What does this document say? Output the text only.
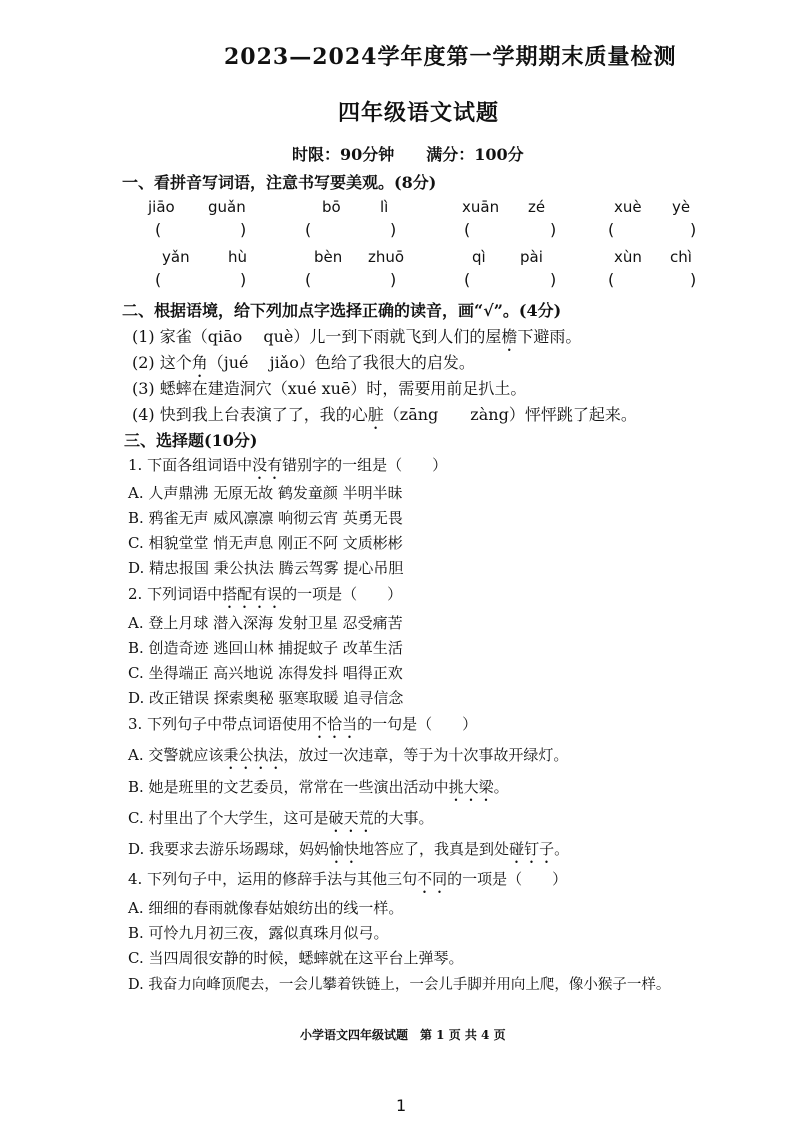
2023—2024学年度第一学期期末质量检测
四年级语文试题
时限：90分钟　　满分：100分
一、看拼音写词语，注意书写要美观。(8分)
jiāo guǎn	bō	lì	xuān zé	xuè yè
(	)	(	)	(	)	(	)
yǎn	hù	bèn zhuō	qì pài	xùn chì
(	)	(	)	(	)	(	)
二、根据语境，给下列加点字选择正确的读音，画“√”。(4分)
(1) 家雀（qiāo　 què）儿一到下雨就飞到人们的屋檐下避雨。
(2) 这个角（jué　 jiǎo）色给了我很大的启发。
(3) 蟋蟀在建造洞穴（xué xuē）时，需要用前足扒土。
(4) 快到我上台表演了了，我的心脏（zāng　　zàng）怦怦跳了起来。
三、选择题(10分)
1. 下面各组词语中没有错别字的一组是（　　）
A. 人声鼎沸 无原无故 鹤发童颜 半明半昧
B. 鸦雀无声 威风凛凛 响彻云宵 英勇无畏
C. 相貌堂堂 悄无声息 刚正不阿 文质彬彬
D. 精忠报国 秉公执法 腾云驾雾 提心吊胆
2. 下列词语中搭配有误的一项是（　　）
A. 登上月球 潜入深海 发射卫星 忍受痛苦
B. 创造奇迹 逃回山林 捕捉蚊子 改革生活
C. 坐得端正 高兴地说 冻得发抖 唱得正欢
D. 改正错误 探索奥秘 驱寒取暖 追寻信念
3. 下列句子中带点词语使用不恰当的一句是（　　）
A. 交警就应该秉公执法，放过一次违章，等于为十次事故开绿灯。
B. 她是班里的文艺委员，常常在一些演出活动中挑大梁。
C. 村里出了个大学生，这可是破天荒的大事。
D. 我要求去游乐场踢球，妈妈愉快地答应了，我真是到处碰钉子。
4. 下列句子中，运用的修辞手法与其他三句不同的一项是（　　）
A. 细细的春雨就像春姑娘纺出的线一样。
B. 可怜九月初三夜，露似真珠月似弓。
C. 当四周很安静的时候，蟋蟀就在这平台上弹琴。
D. 我奋力向峰顶爬去，一会儿攀着铁链上，一会儿手脚并用向上爬，像小猴子一样。
小学语文四年级试题　第 1 页 共 4 页
1
